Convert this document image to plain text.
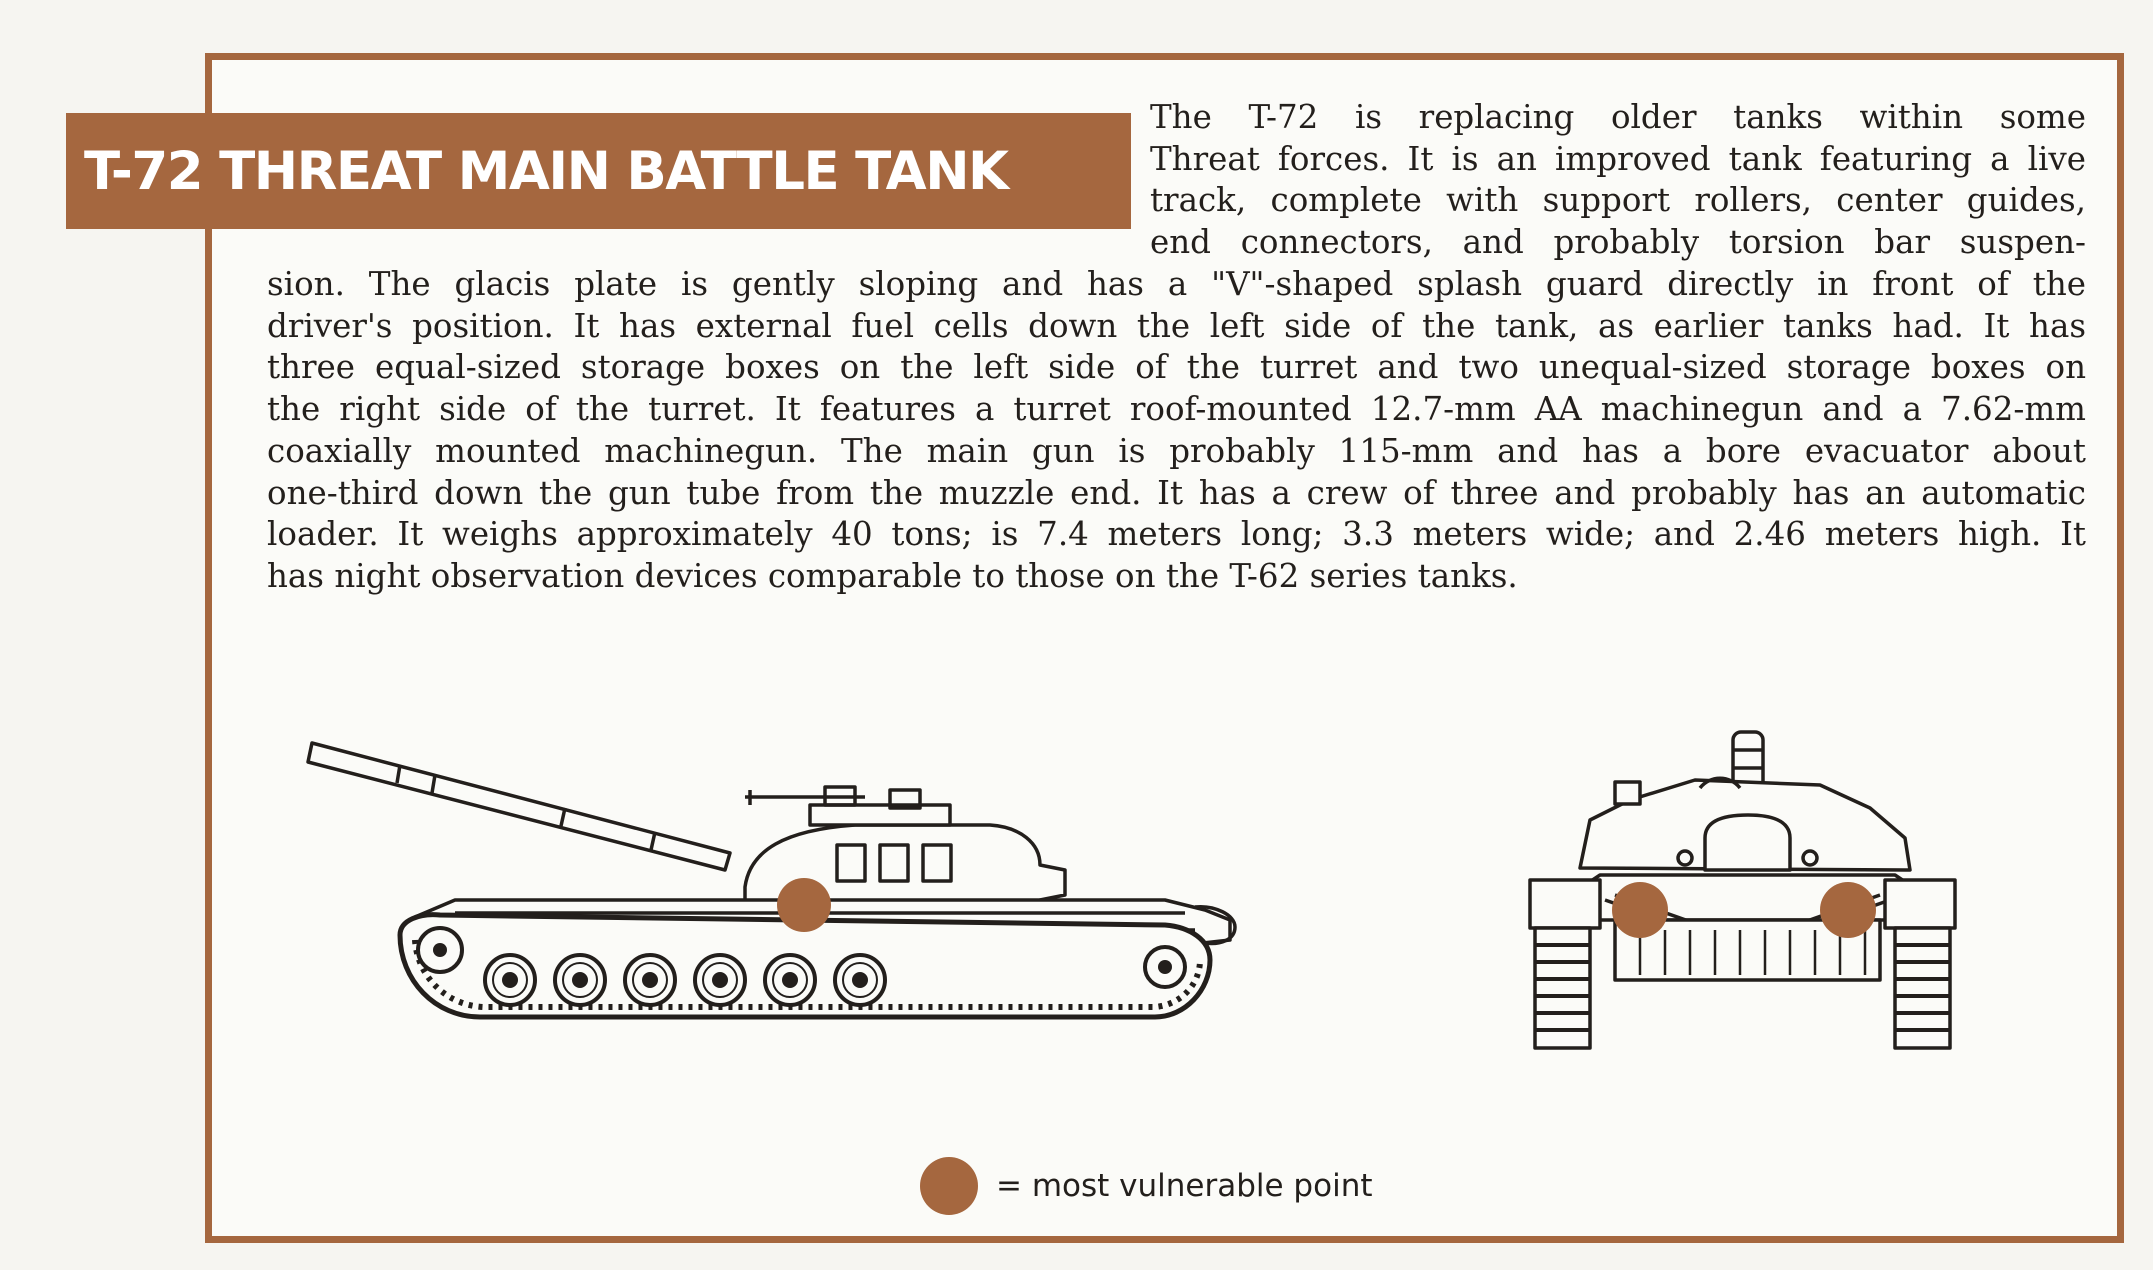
T-72 THREAT MAIN BATTLE TANK

The T-72 is replacing older tanks within some
Threat forces. It is an improved tank featuring a live
track, complete with support rollers, center guides,
end connectors, and probably torsion bar suspen-

sion. The glacis plate is gently sloping and has a "V"-shaped splash guard directly in front of the
driver's position. It has external fuel cells down the left side of the tank, as earlier tanks had. It has
three equal-sized storage boxes on the left side of the turret and two unequal-sized storage boxes on
the right side of the turret. It features a turret roof-mounted 12.7-mm AA machinegun and a 7.62-mm
coaxially mounted machinegun. The main gun is probably 115-mm and has a bore evacuator about
one-third down the gun tube from the muzzle end. It has a crew of three and probably has an automatic
loader. It weighs approximately 40 tons; is 7.4 meters long; 3.3 meters wide; and 2.46 meters high. It
has night observation devices comparable to those on the T-62 series tanks.

= most vulnerable point
